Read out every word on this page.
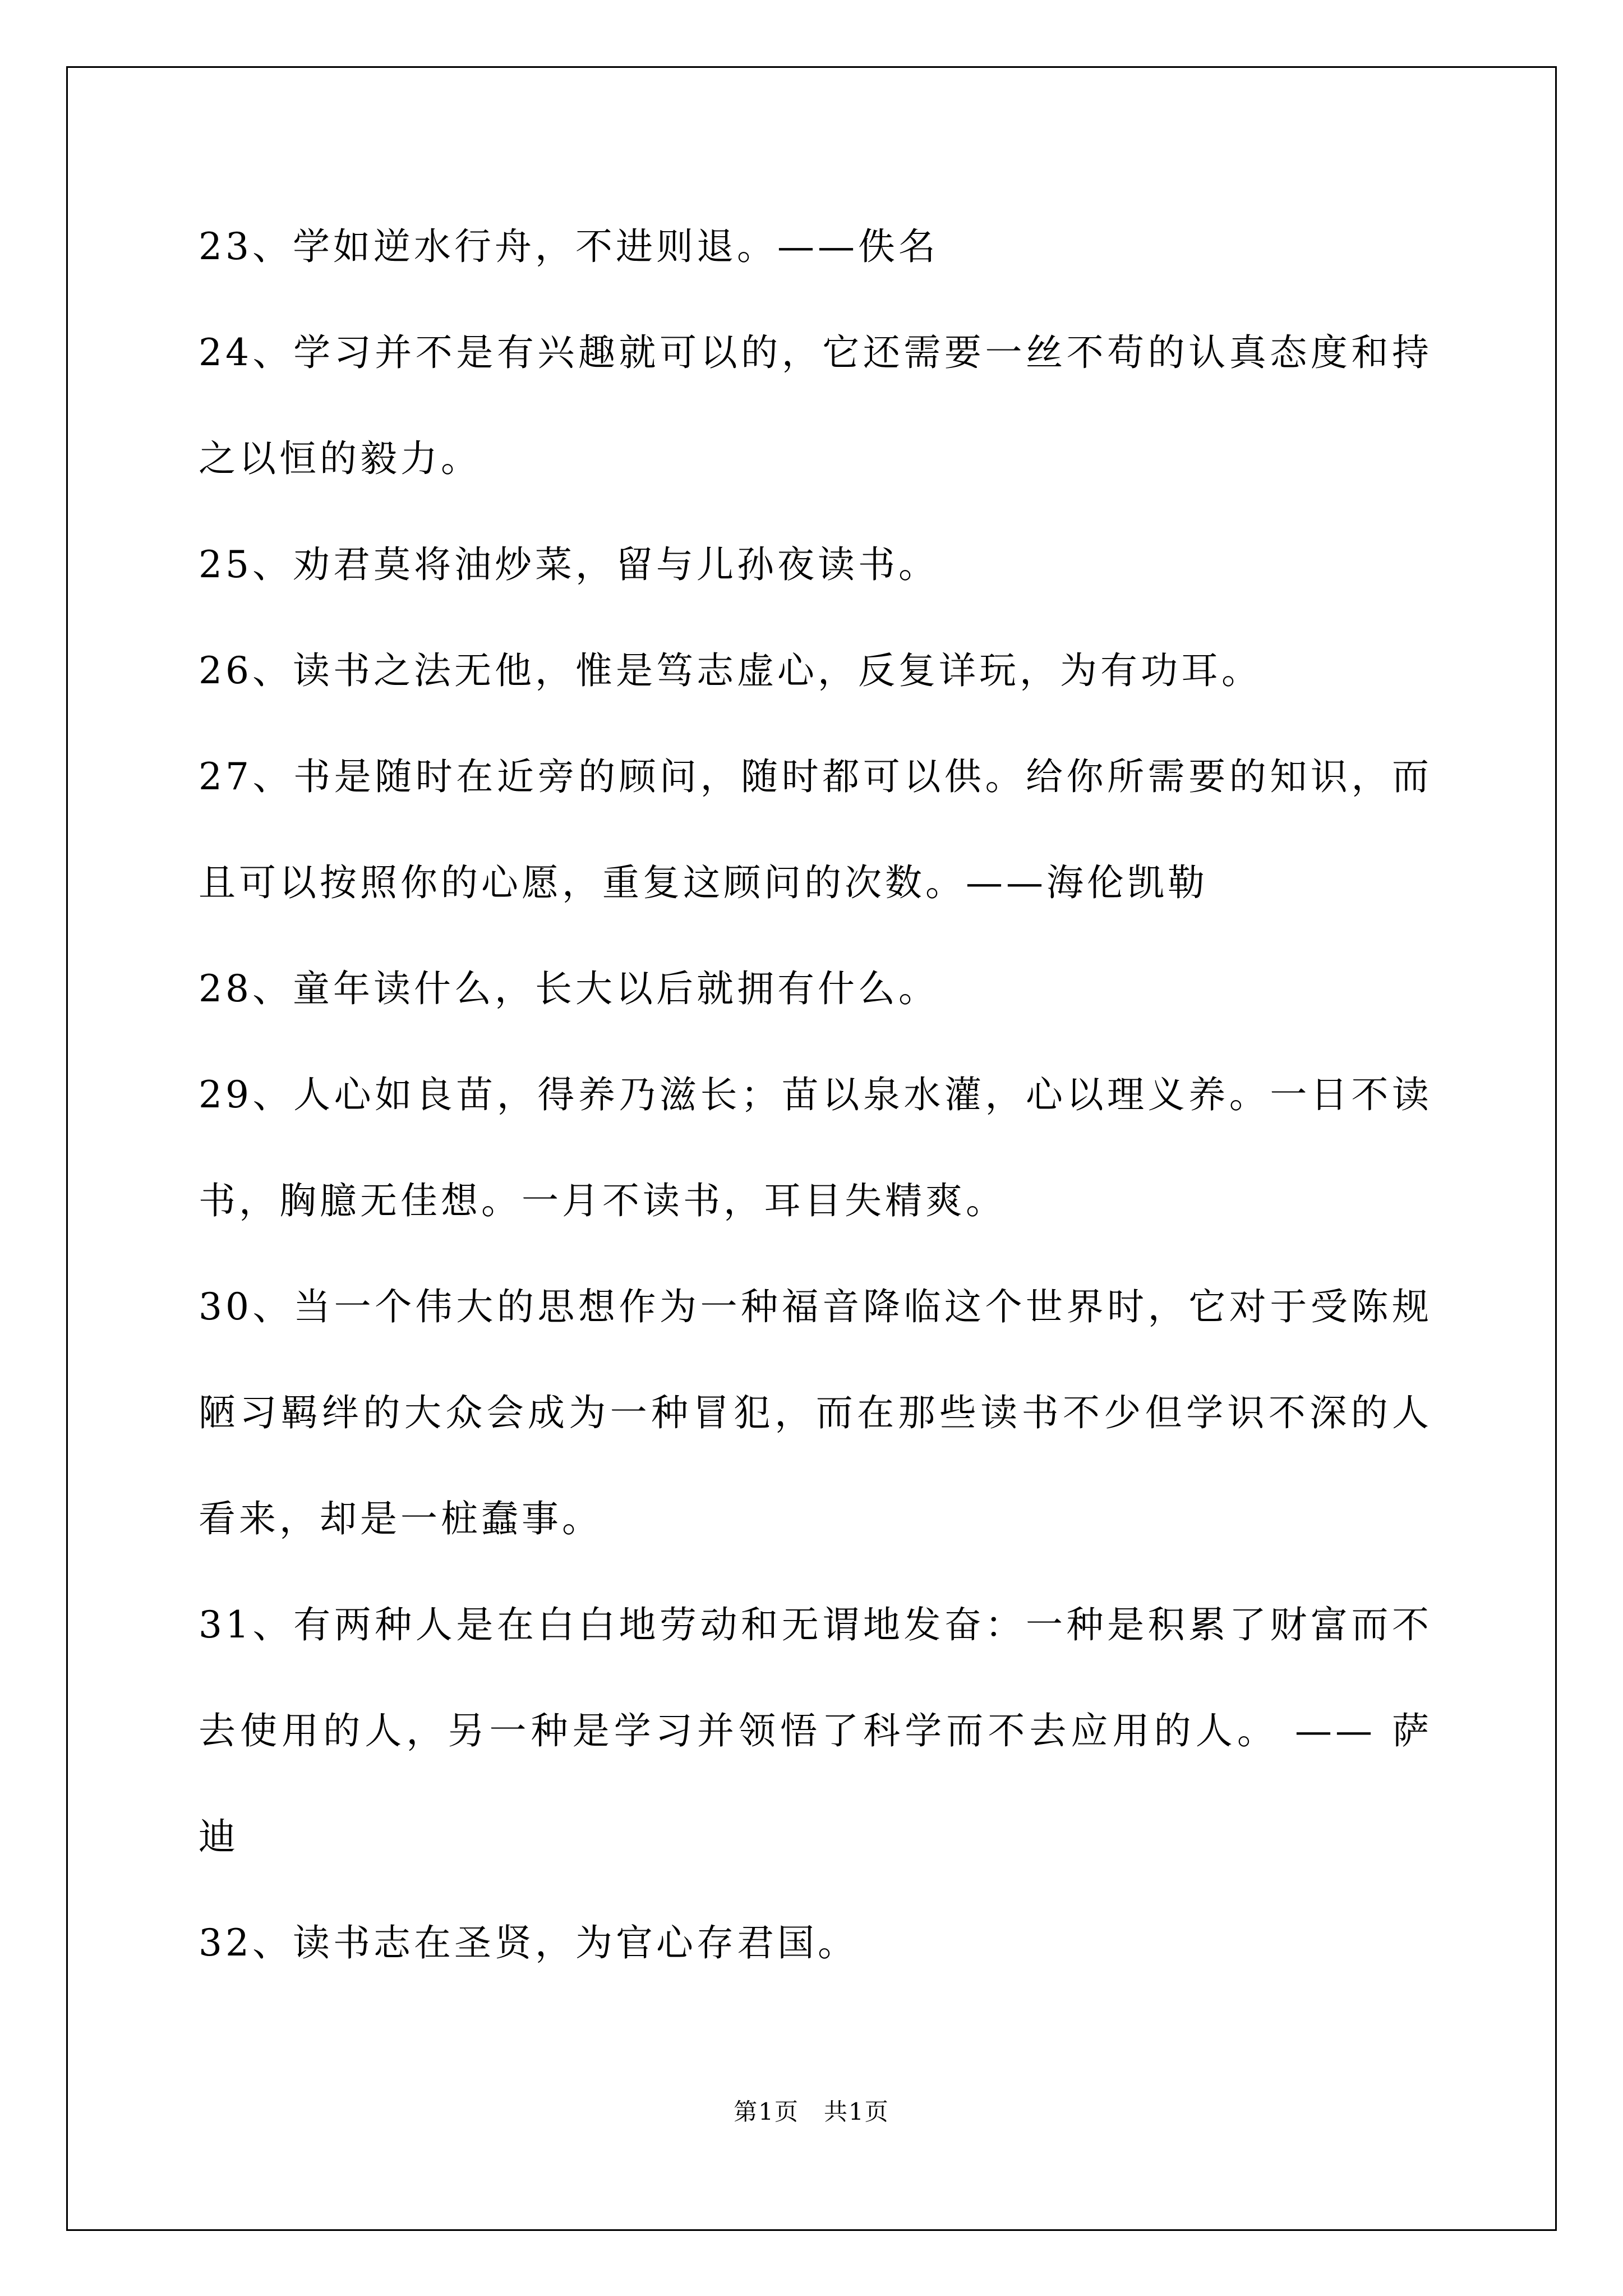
23、学如逆水行舟，不进则退。——佚名
24、学习并不是有兴趣就可以的，它还需要一丝不苟的认真态度和持
之以恒的毅力。
25、劝君莫将油炒菜，留与儿孙夜读书。
26、读书之法无他，惟是笃志虚心，反复详玩，为有功耳。
27、书是随时在近旁的顾问，随时都可以供。给你所需要的知识，而
且可以按照你的心愿，重复这顾问的次数。——海伦凯勒
28、童年读什么，长大以后就拥有什么。
29、人心如良苗，得养乃滋长；苗以泉水灌，心以理义养。一日不读
书，胸臆无佳想。一月不读书，耳目失精爽。
30、当一个伟大的思想作为一种福音降临这个世界时，它对于受陈规
陋习羁绊的大众会成为一种冒犯，而在那些读书不少但学识不深的人
看来，却是一桩蠢事。
31、有两种人是在白白地劳动和无谓地发奋：一种是积累了财富而不
去使用的人，另一种是学习并领悟了科学而不去应用的人。 —— 萨
迪
32、读书志在圣贤，为官心存君国。
第1页　共1页
